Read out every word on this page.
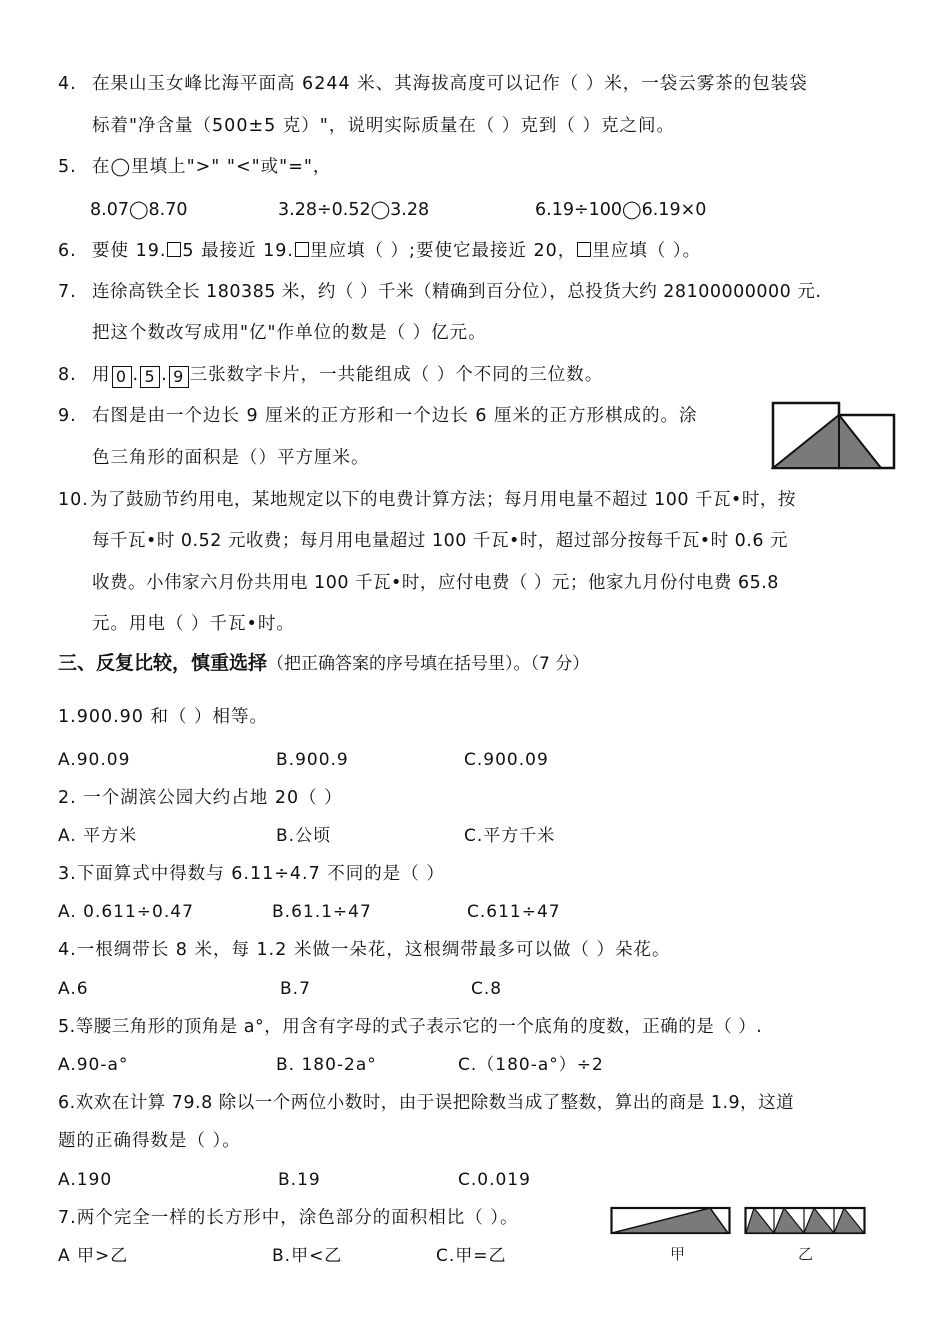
4. 在果山玉女峰比海平面高 6244 米、其海拔高度可以记作（ ）米，一袋云雾茶的包装袋
标着"净含量（500±5 克）"，说明实际质量在（ ）克到（ ）克之间。
5. 在◯里填上">" "<"或"="，
8.07◯8.70	3.28÷0.52◯3.28	6.19÷100◯6.19×0
6. 要使 19. 5 最接近 19. 里应填（ ）;要使它最接近 20， 里应填（ ）。
7. 连徐高铁全长 180385 米，约（ ）千米（精确到百分位），总投货大约 28100000000 元.
把这个数改写成用"亿"作单位的数是（ ）亿元。
8. 用 0 . 5 . 9 三张数字卡片，一共能组成（ ）个不同的三位数。
9. 右图是由一个边长 9 厘米的正方形和一个边长 6 厘米的正方形棋成的。涂
色三角形的面积是（）平方厘米。
10. 为了鼓励节约用电，某地规定以下的电费计算方法；每月用电量不超过 100 千瓦•时，按
每千瓦•时 0.52 元收费；每月用电量超过 100 千瓦•时，超过部分按每千瓦•时 0.6 元
收费。小伟家六月份共用电 100 千瓦•时，应付电费（ ）元；他家九月份付电费 65.8
元。用电（ ）千瓦•时。
三、反复比较，慎重选择（把正确答案的序号填在括号里）。（7 分）
1.900.90 和（ ）相等。
A.90.09	B.900.9	C.900.09
2. 一个湖滨公园大约占地 20（ ）
A. 平方米	B.公顷	C.平方千米
3.下面算式中得数与 6.11÷4.7 不同的是（ ）
A. 0.611÷0.47	B.61.1÷47	C.611÷47
4.一根绸带长 8 米，每 1.2 米做一朵花，这根绸带最多可以做（ ）朵花。
A.6	B.7	C.8
5.等腰三角形的顶角是 a°，用含有字母的式子表示它的一个底角的度数，正确的是（ ）.
A.90-a°	B. 180-2a°	C.（180-a°）÷2
6.欢欢在计算 79.8 除以一个两位小数时，由于误把除数当成了整数，算出的商是 1.9，这道
题的正确得数是（ ）。
A.190	B.19	C.0.019
7.两个完全一样的长方形中，涂色部分的面积相比（ ）。
A 甲>乙	B.甲<乙	C.甲=乙	甲	乙
